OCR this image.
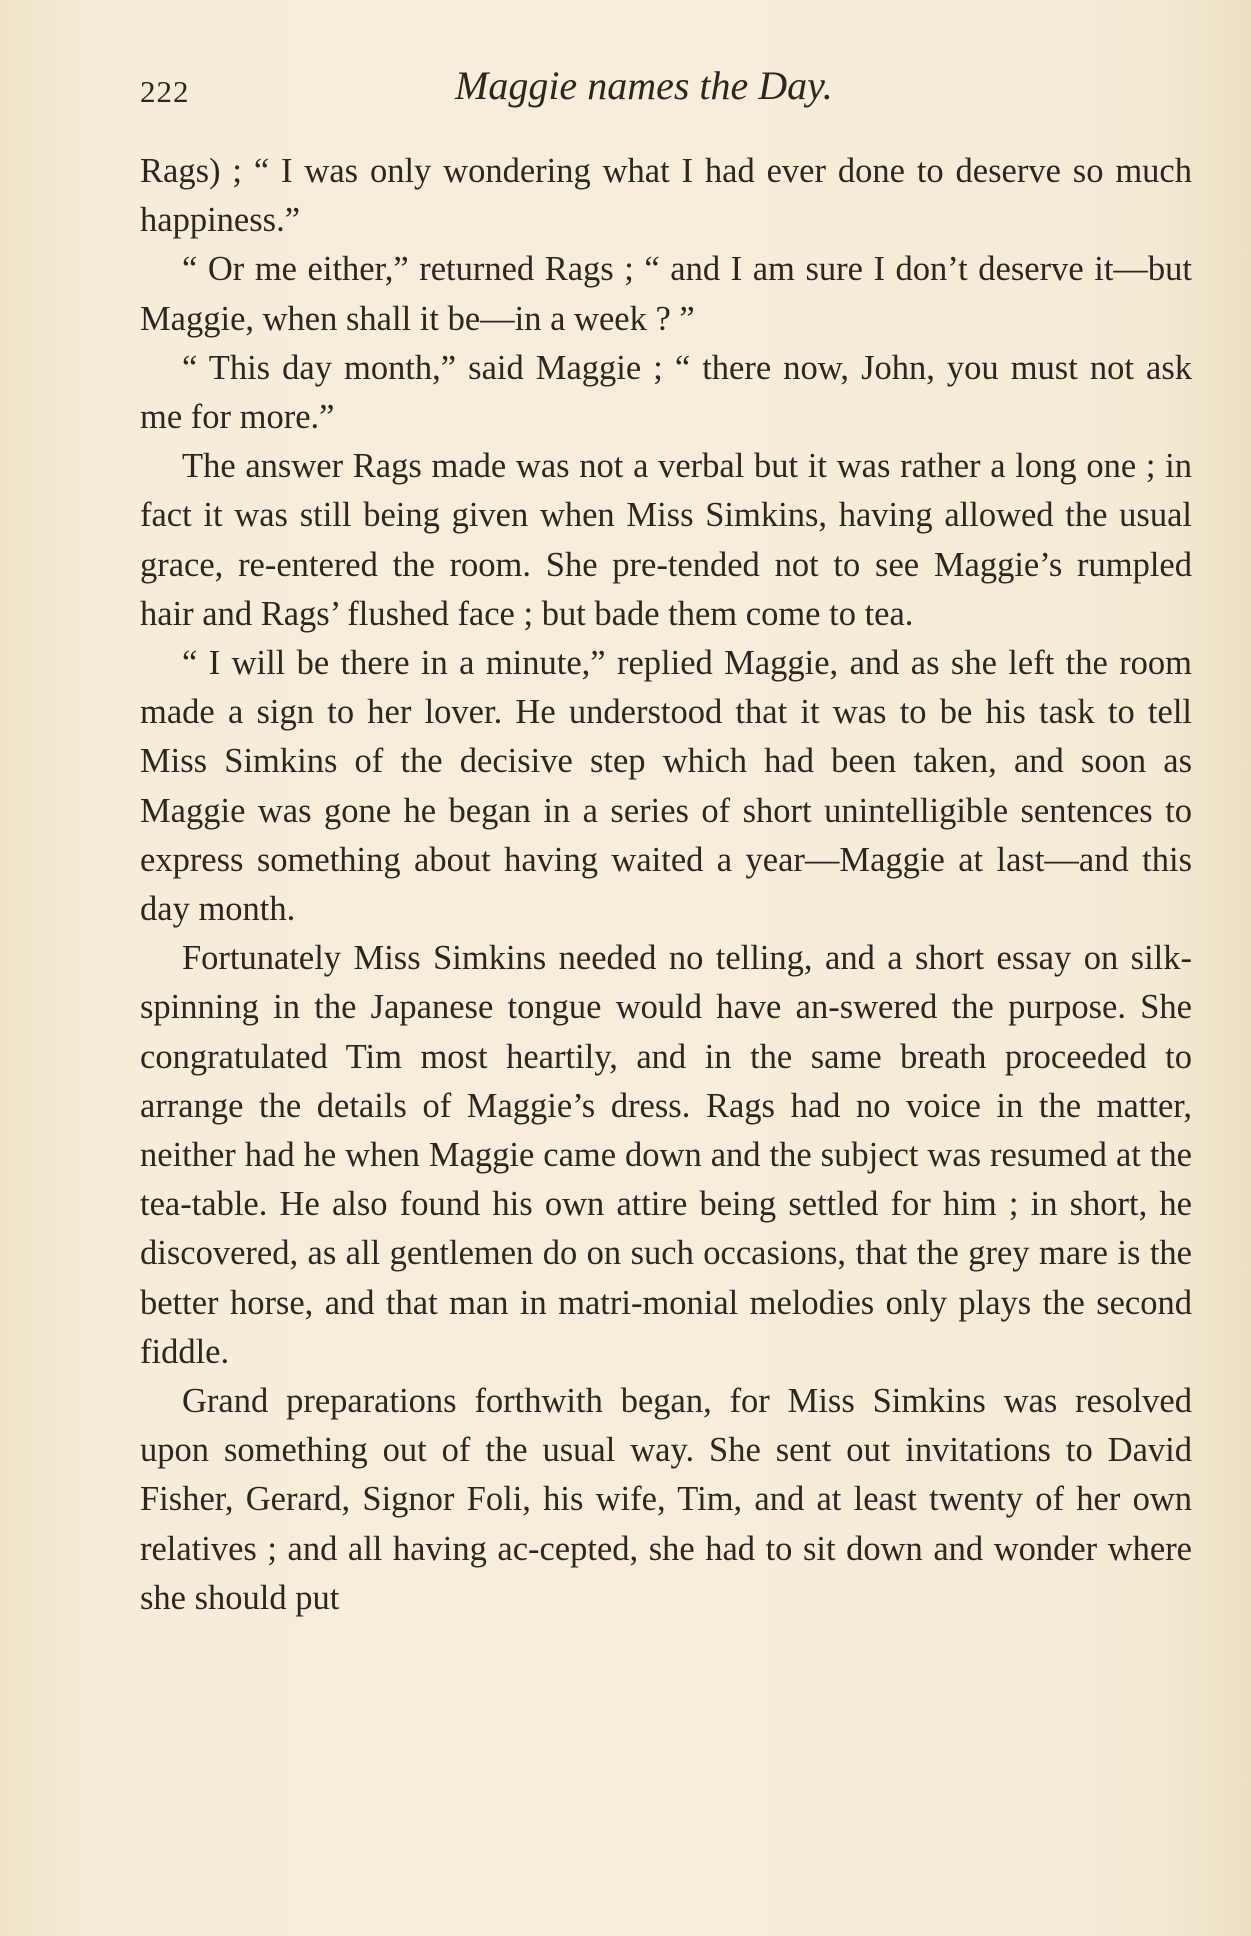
222	Maggie names the Day.

Rags) ; “ I was only wondering what I had ever done to deserve so much happiness.”

“ Or me either,” returned Rags ; “ and I am sure I don’t deserve it—but Maggie, when shall it be—in a week ? ”

“ This day month,” said Maggie ; “ there now, John, you must not ask me for more.”

The answer Rags made was not a verbal but it was rather a long one ; in fact it was still being given when Miss Simkins, having allowed the usual grace, re-entered the room. She pre-tended not to see Maggie’s rumpled hair and Rags’ flushed face ; but bade them come to tea.

“ I will be there in a minute,” replied Maggie, and as she left the room made a sign to her lover. He understood that it was to be his task to tell Miss Simkins of the decisive step which had been taken, and soon as Maggie was gone he began in a series of short unintelligible sentences to express something about having waited a year—Maggie at last—and this day month.

Fortunately Miss Simkins needed no telling, and a short essay on silk-spinning in the Japanese tongue would have an-swered the purpose. She congratulated Tim most heartily, and in the same breath proceeded to arrange the details of Maggie’s dress. Rags had no voice in the matter, neither had he when Maggie came down and the subject was resumed at the tea-table. He also found his own attire being settled for him ; in short, he discovered, as all gentlemen do on such occasions, that the grey mare is the better horse, and that man in matri-monial melodies only plays the second fiddle.

Grand preparations forthwith began, for Miss Simkins was resolved upon something out of the usual way. She sent out invitations to David Fisher, Gerard, Signor Foli, his wife, Tim, and at least twenty of her own relatives ; and all having ac-cepted, she had to sit down and wonder where she should put
